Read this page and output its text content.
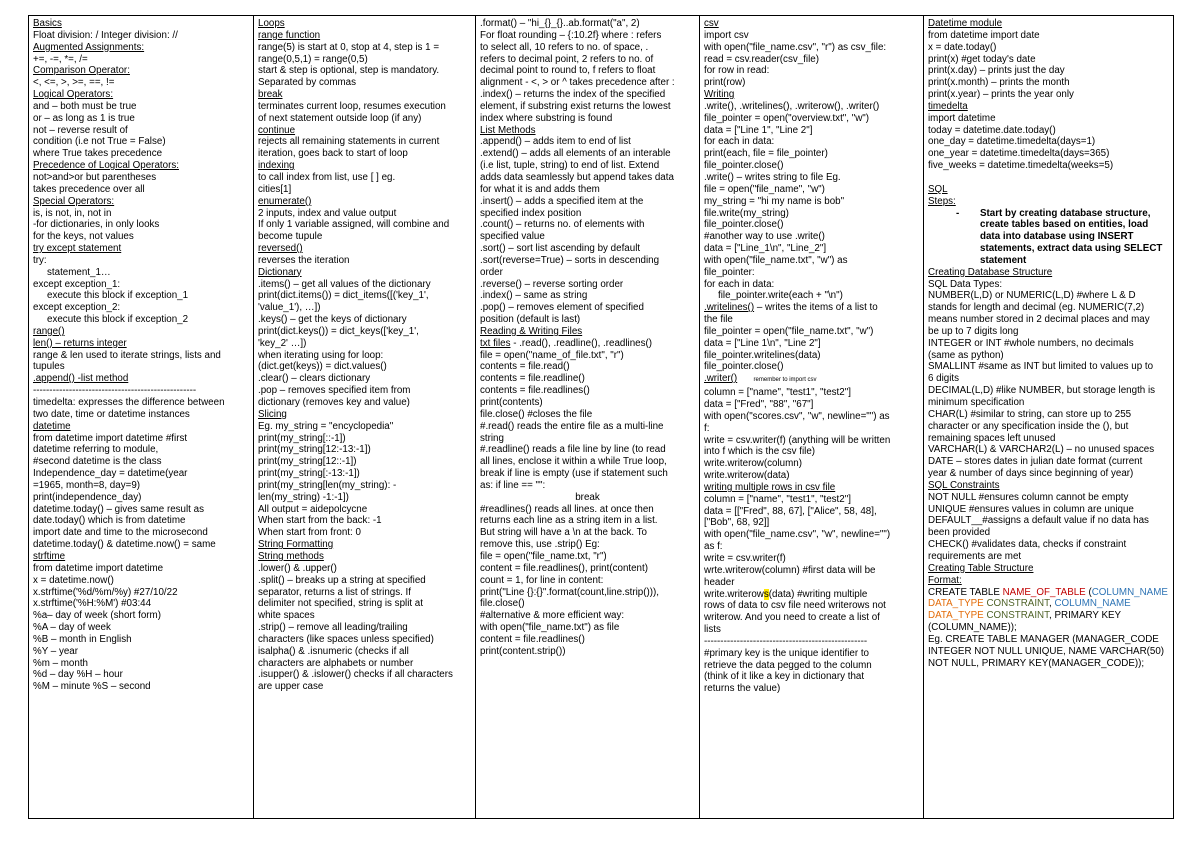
Basics
Float division: / Integer division: //
Augmented Assignments:
+=, -=, *=, /=
Comparison Operator:
<, <=, >, >=, ==, !=
Logical Operators:
and – both must be true
or – as long as 1 is true
not – reverse result of
condition (i.e not True = False)
where True takes precedence
Precedence of Logical Operators:
not>and>or but parentheses
takes precedence over all
Special Operators:
is, is not, in, not in
-for dictionaries, in only looks
for the keys, not values
try except statement
try:
statement_1…
except exception_1:
execute this block if exception_1
except exception_2:
execute this block if exception_2
range()
len() – returns integer
range & len used to iterate strings, lists and
tupules
.append() -list method
--------------------------------------------------
timedelta: expresses the difference between
two date, time or datetime instances
datetime
from datetime import datetime #first
datetime referring to module,
#second datetime is the class
Independence_day = datetime(year
=1965, month=8, day=9)
print(independence_day)
datetime.today() – gives same result as
date.today() which is from datetime
import date and time to the microsecond
datetime.today() & datetime.now() = same
strftime
from datetime import datetime
x = datetime.now()
x.strftime('%d/%m/%y) #27/10/22
x.strftime('%H:%M') #03:44
%a– day of week (short form)
%A – day of week
%B – month in English
%Y – year
%m – month
%d – day %H – hour
%M – minute %S – second

Loops
range function
range(5) is start at 0, stop at 4, step is 1 =
range(0,5,1) = range(0,5)
start & step is optional, step is mandatory.
Separated by commas
break
terminates current loop, resumes execution
of next statement outside loop (if any)
continue
rejects all remaining statements in current
iteration, goes back to start of loop
indexing
to call index from list, use [ ] eg.
cities[1]
enumerate()
2 inputs, index and value output
If only 1 variable assigned, will combine and
become tupule
reversed()
reverses the iteration
Dictionary
.items() – get all values of the dictionary
print(dict.items()) = dict_items([('key_1',
'value_1'), …])
.keys() – get the keys of dictionary
print(dict.keys()) = dict_keys(['key_1',
'key_2' …])
when iterating using for loop:
(dict.get(keys)) = dict.values()
.clear() – clears dictionary
.pop – removes specified item from
dictionary (removes key and value)
Slicing
Eg. my_string = "encyclopedia"
print(my_string[::-1])
print(my_string[12:-13:-1])
print(my_string[12::-1])
print(my_string[:-13:-1])
print(my_string[len(my_string): -
len(my_string) -1:-1])
All output = aidepolcycne
When start from the back: -1
When start from front: 0
String Formatting
String methods
.lower() & .upper()
.split() – breaks up a string at specified
separator, returns a list of strings. If
delimiter not specified, string is split at
white spaces
.strip() – remove all leading/trailing
characters (like spaces unless specified)
isalpha() & .isnumeric (checks if all
characters are alphabets or number
.isupper() & .islower() checks if all characters
are upper case

.format() – "hi_{}_{}..ab.format("a", 2)
For float rounding – {:10.2f} where : refers
to select all, 10 refers to no. of space, .
refers to decimal point, 2 refers to no. of
decimal point to round to, f refers to float
alignment - <, > or ^ takes precedence after :
.index() – returns the index of the specified
element, if substring exist returns the lowest
index where substring is found
List Methods
.append() – adds item to end of list
.extend() – adds all elements of an interable
(i.e list, tuple, string) to end of list. Extend
adds data seamlessly but append takes data
for what it is and adds them
.insert() – adds a specified item at the
specified index position
.count() – returns no. of elements with
specified value
.sort() – sort list ascending by default
.sort(reverse=True) – sorts in descending
order
.reverse() – reverse sorting order
.index() – same as string
.pop() – removes element of specified
position (default is last)
Reading & Writing Files
txt files - .read(), .readline(), .readlines()
file = open("name_of_file.txt", "r")
contents = file.read()
contents = file.readline()
contents = file.readlines()
print(contents)
file.close() #closes the file
#.read() reads the entire file as a multi-line
string
#.readline() reads a file line by line (to read
all lines, enclose it within a while True loop,
break if line is empty (use if statement such
as: if line == "":
break
#readlines() reads all lines. at once then
returns each line as a string item in a list.
But string will have a \n at the back. To
remove this, use .strip() Eg:
file = open("file_name.txt, "r")
content = file.readlines(), print(content)
count = 1, for line in content:
print("Line {}:{}".format(count,line.strip())),
file.close()
#alternative & more efficient way:
with open("file_name.txt") as file
content = file.readlines()
print(content.strip())

csv
import csv
with open("file_name.csv", "r") as csv_file:
read = csv.reader(csv_file)
for row in read:
print(row)
Writing
.write(), .writelines(), .writerow(), .writer()
file_pointer = open("overview.txt", "w")
data = ["Line 1", "Line 2"]
for each in data:
print(each, file = file_pointer)
file_pointer.close()
.write() – writes string to file Eg.
file = open("file_name", "w")
my_string = "hi my name is bob"
file.write(my_string)
file_pointer.close()
#another way to use .write()
data = ["Line_1\n", "Line_2"]
with open("file_name.txt", "w") as
file_pointer:
for each in data:
file_pointer.write(each + "\n")
.writelines() – writes the items of a list to
the file
file_pointer = open("file_name.txt", "w")
data = ["Line 1\n", "Line 2"]
file_pointer.writelines(data)
file_pointer.close()
.writer()	remember to import csv
column = ["name", "test1", "test2"]
data = ["Fred", "88", "67"]
with open("scores.csv", "w", newline="") as
f:
write = csv.writer(f) (anything will be written
into f which is the csv file)
write.writerow(column)
write.writerow(data)
writing multiple rows in csv file
column = ["name", "test1", "test2"]
data = [["Fred", 88, 67], ["Alice", 58, 48],
["Bob", 68, 92]]
with open("file_name.csv", "w", newline="")
as f:
write = csv.writer(f)
wrte.writerow(column) #first data will be
header
write.writerows(data) #writing multiple
rows of data to csv file need writerows not
writerow. And you need to create a list of
lists
--------------------------------------------------
#primary key is the unique identifier to
retrieve the data pegged to the column
(think of it like a key in dictionary that
returns the value)

Datetime module
from datetime import date
x = date.today()
print(x) #get today's date
print(x.day) – prints just the day
print(x.month) – prints the month
print(x.year) – prints the year only
timedelta
import datetime
today = datetime.date.today()
one_day = datetime.timedelta(days=1)
one_year = datetime.timedelta(days=365)
five_weeks = datetime.timedelta(weeks=5)
SQL
Steps:
- Start by creating database structure,
create tables based on entities, load
data into database using INSERT
statements, extract data using SELECT
statement
Creating Database Structure
SQL Data Types:
NUMBER(L,D) or NUMERIC(L,D) #where L & D
stands for length and decimal (eg. NUMERIC(7,2)
means number stored in 2 decimal places and may
be up to 7 digits long
INTEGER or INT #whole numbers, no decimals
(same as python)
SMALLINT #same as INT but limited to values up to
6 digits
DECIMAL(L,D) #like NUMBER, but storage length is
minimum specification
CHAR(L) #similar to string, can store up to 255
character or any specification inside the (), but
remaining spaces left unused
VARCHAR(L) & VARCHAR2(L) – no unused spaces
DATE – stores dates in julian date format (current
year & number of days since beginning of year)
SQL Constraints
NOT NULL #ensures column cannot be empty
UNIQUE #ensures values in column are unique
DEFAULT__#assigns a default value if no data has
been provided
CHECK() #validates data, checks if constraint
requirements are met
Creating Table Structure
Format:
CREATE TABLE NAME_OF_TABLE (COLUMN_NAME
DATA_TYPE CONSTRAINT, COLUMN_NAME
DATA_TYPE CONSTRAINT, PRIMARY KEY
(COLUMN_NAME));
Eg. CREATE TABLE MANAGER (MANAGER_CODE
INTEGER NOT NULL UNIQUE, NAME VARCHAR(50)
NOT NULL, PRIMARY KEY(MANAGER_CODE));
